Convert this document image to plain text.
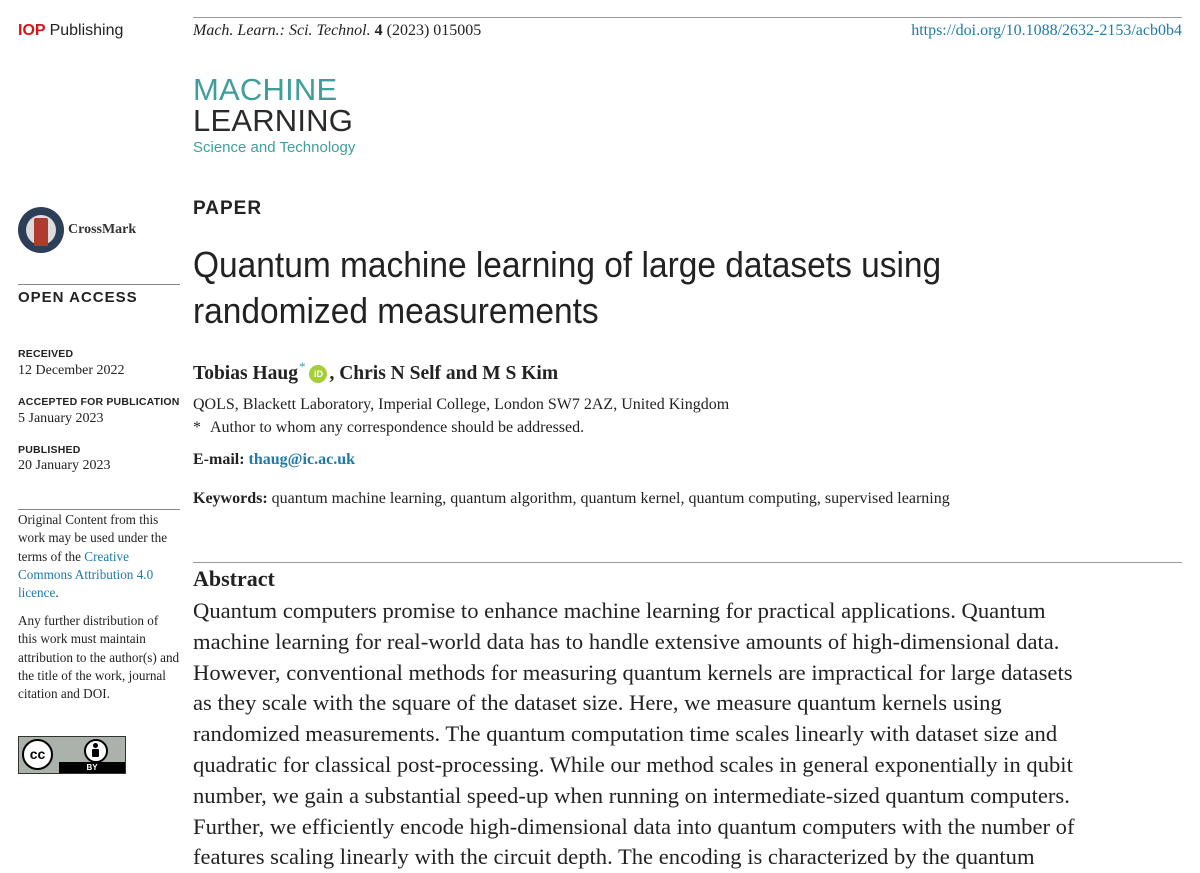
IOP Publishing	Mach. Learn.: Sci. Technol. 4 (2023) 015005	https://doi.org/10.1088/2632-2153/acb0b4
MACHINE
LEARNING
Science and Technology
CrossMark
OPEN ACCESS
RECEIVED
12 December 2022
ACCEPTED FOR PUBLICATION
5 January 2023
PUBLISHED
20 January 2023

Original Content from this work may be used under the terms of the Creative Commons Attribution 4.0 licence.

Any further distribution of this work must maintain attribution to the author(s) and the title of the work, journal citation and DOI.
cc
BY
PAPER
Quantum machine learning of large datasets using randomized measurements
Tobias Haug * iD , Chris N Self and M S Kim
QOLS, Blackett Laboratory, Imperial College, London SW7 2AZ, United Kingdom
* Author to whom any correspondence should be addressed.
E-mail: thaug@ic.ac.uk
Keywords: quantum machine learning, quantum algorithm, quantum kernel, quantum computing, supervised learning
Abstract
Quantum computers promise to enhance machine learning for practical applications. Quantum
machine learning for real-world data has to handle extensive amounts of high-dimensional data.
However, conventional methods for measuring quantum kernels are impractical for large datasets
as they scale with the square of the dataset size. Here, we measure quantum kernels using
randomized measurements. The quantum computation time scales linearly with dataset size and
quadratic for classical post-processing. While our method scales in general exponentially in qubit
number, we gain a substantial speed-up when running on intermediate-sized quantum computers.
Further, we efficiently encode high-dimensional data into quantum computers with the number of
features scaling linearly with the circuit depth. The encoding is characterized by the quantum
